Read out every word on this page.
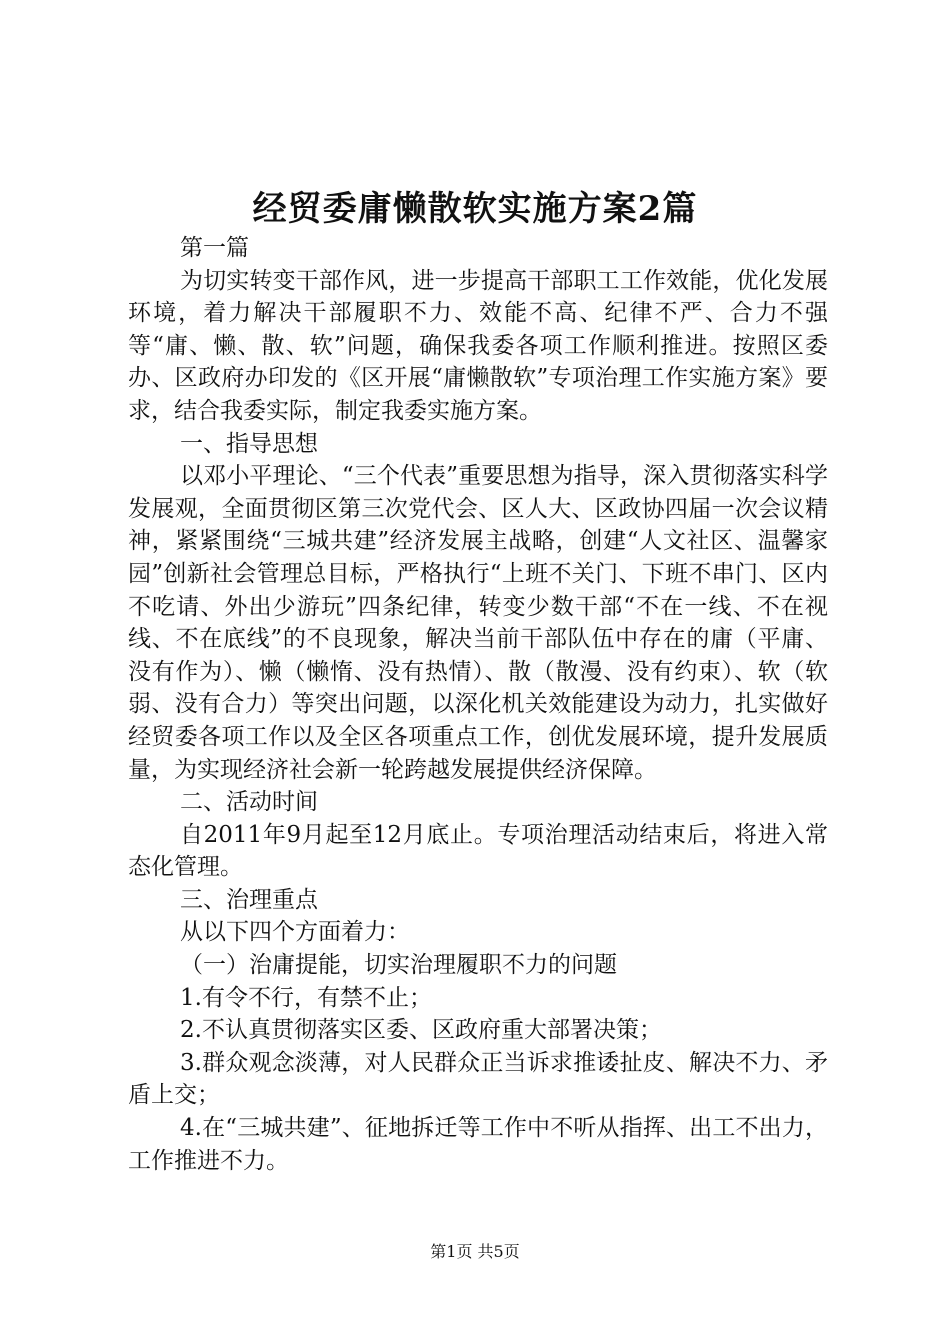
经贸委庸懒散软实施方案2篇

第一篇

为切实转变干部作风，进一步提高干部职工工作效能，优化发展环境，着力解决干部履职不力、效能不高、纪律不严、合力不强等“庸、懒、散、软”问题，确保我委各项工作顺利推进。按照区委办、区政府办印发的《区开展“庸懒散软”专项治理工作实施方案》要求，结合我委实际，制定我委实施方案。

一、指导思想

以邓小平理论、“三个代表”重要思想为指导，深入贯彻落实科学发展观，全面贯彻区第三次党代会、区人大、区政协四届一次会议精神，紧紧围绕“三城共建”经济发展主战略，创建“人文社区、温馨家园”创新社会管理总目标，严格执行“上班不关门、下班不串门、区内不吃请、外出少游玩”四条纪律，转变少数干部“不在一线、不在视线、不在底线”的不良现象，解决当前干部队伍中存在的庸（平庸、没有作为）、懒（懒惰、没有热情）、散（散漫、没有约束）、软（软弱、没有合力）等突出问题，以深化机关效能建设为动力，扎实做好经贸委各项工作以及全区各项重点工作，创优发展环境，提升发展质量，为实现经济社会新一轮跨越发展提供经济保障。

二、活动时间

自2011年9月起至12月底止。专项治理活动结束后，将进入常态化管理。

三、治理重点

从以下四个方面着力：

（一）治庸提能，切实治理履职不力的问题

1.有令不行，有禁不止；

2.不认真贯彻落实区委、区政府重大部署决策；

3.群众观念淡薄，对人民群众正当诉求推诿扯皮、解决不力、矛盾上交；

4.在“三城共建”、征地拆迁等工作中不听从指挥、出工不出力，工作推进不力。

第1页 共5页
